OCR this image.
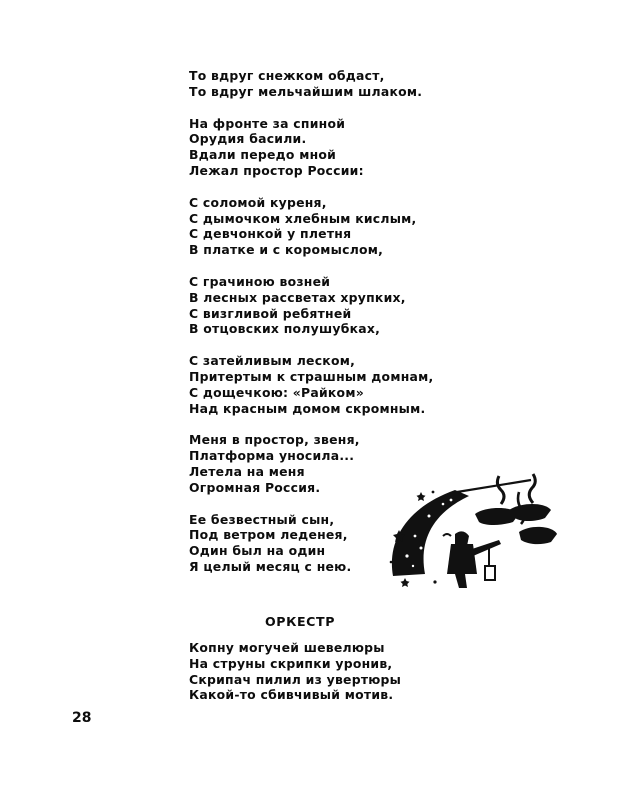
То вдруг снежком обдаст,
То вдруг мельчайшим шлаком.
На фронте за спиной
Орудия басили.
Вдали передо мной
Лежал простор России:
С соломой куреня,
С дымочком хлебным кислым,
С девчонкой у плетня
В платке и с коромыслом,
С грачиною возней
В лесных рассветах хрупких,
С визгливой ребятней
В отцовских полушубках,
С затейливым леском,
Притертым к страшным домнам,
С дощечкою: «Райком»
Над красным домом скромным.
Меня в простор, звеня,
Платформа уносила...
Летела на меня
Огромная Россия.
Ее безвестный сын,
Под ветром леденея,
Один был на один
Я целый месяц с нею.
ОРКЕСТР
Копну могучей шевелюры
На струны скрипки уронив,
Скрипач пилил из увертюры
Какой-то сбивчивый мотив.
28
